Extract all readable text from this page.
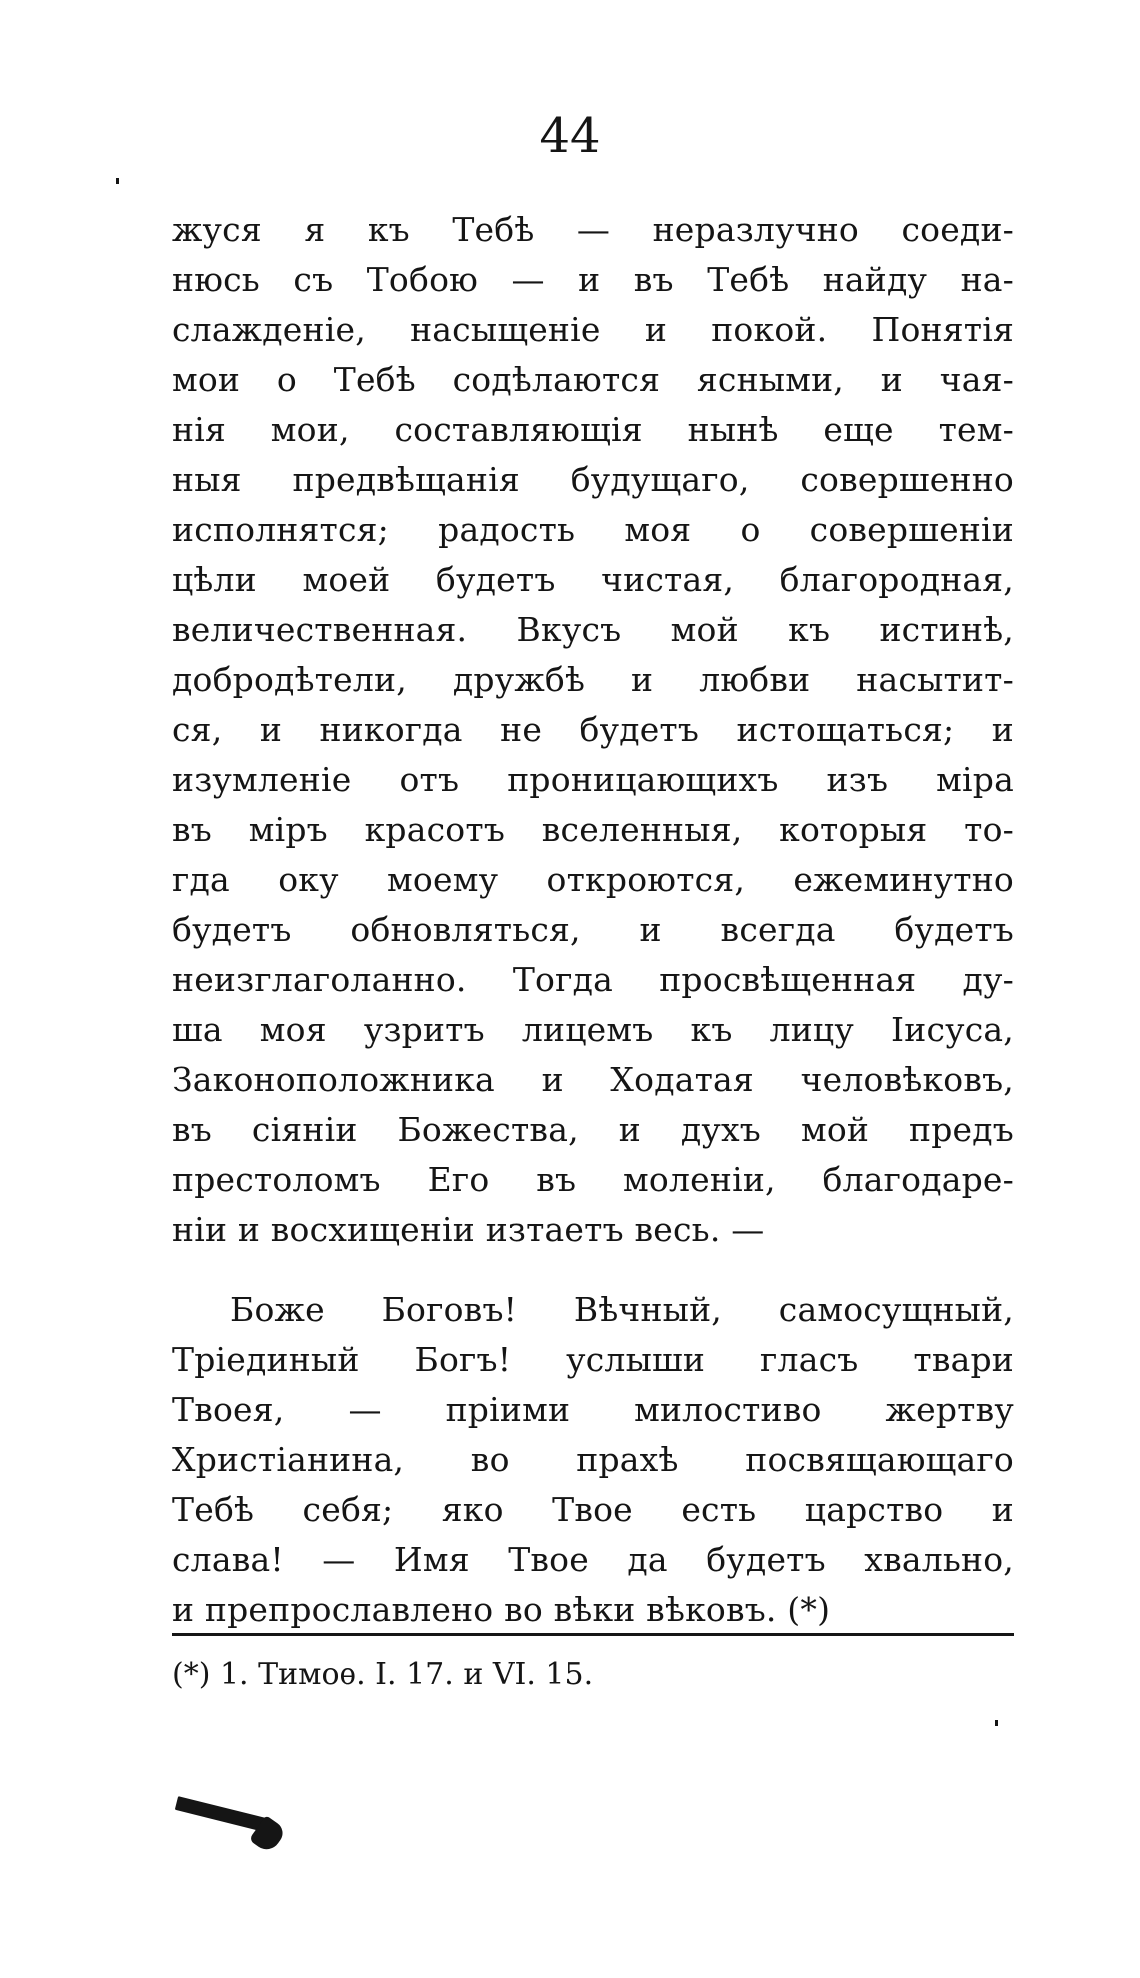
44
жуся я къ Тебѣ — неразлучно соеди-
нюсь съ Тобою — и въ Тебѣ найду на-
слажденіе, насыщеніе и покой. Понятія
мои о Тебѣ содѣлаются ясными, и чая-
нія мои, составляющія нынѣ еще тем-
ныя предвѣщанія будущаго, совершенно
исполнятся; радость моя о совершеніи
цѣли моей будетъ чистая, благородная,
величественная. Вкусъ мой къ истинѣ,
добродѣтели, дружбѣ и любви насытит-
ся, и никогда не будетъ истощаться; и
изумленіе отъ проницающихъ изъ міра
въ міръ красотъ вселенныя, которыя то-
гда оку моему откроются, ежеминутно
будетъ обновляться, и всегда будетъ
неизглаголанно. Тогда просвѣщенная ду-
ша моя узритъ лицемъ къ лицу Іисуса,
Законоположника и Ходатая человѣковъ,
въ сіяніи Божества, и духъ мой предъ
престоломъ Его въ моленіи, благодаре-
ніи и восхищеніи изтаетъ весь. —
Боже Боговъ! Вѣчный, самосущный,
Тріединый Богъ! услыши гласъ твари
Твоея, — пріими милостиво жертву
Христіанина, во прахѣ посвящающаго
Тебѣ себя; яко Твое есть царство и
слава! — Имя Твое да будетъ хвально,
и препрославлено во вѣки вѣковъ. (*)
(*) 1. Тимоѳ. I. 17. и VI. 15.
